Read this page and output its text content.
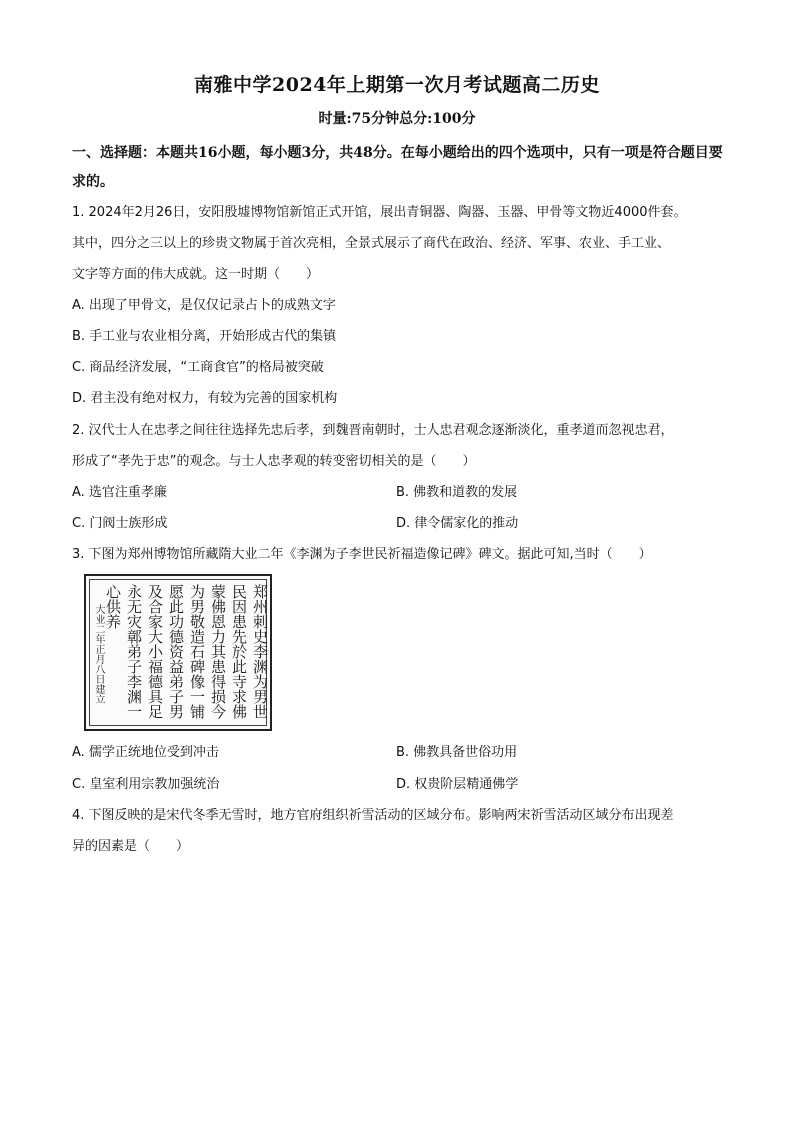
南雅中学2024年上期第一次月考试题高二历史
时量:75分钟总分:100分
一、选择题：本题共16小题，每小题3分，共48分。在每小题给出的四个选项中，只有一项是符合题目要求的。
1. 2024年2月26日，安阳殷墟博物馆新馆正式开馆，展出青铜器、陶器、玉器、甲骨等文物近4000件套。
其中，四分之三以上的珍贵文物属于首次亮相，全景式展示了商代在政治、经济、军事、农业、手工业、
文字等方面的伟大成就。这一时期（　　）
A. 出现了甲骨文，是仅仅记录占卜的成熟文字
B. 手工业与农业相分离，开始形成古代的集镇
C. 商品经济发展，“工商食官”的格局被突破
D. 君主没有绝对权力，有较为完善的国家机构
2. 汉代士人在忠孝之间往往选择先忠后孝，到魏晋南朝时，士人忠君观念逐渐淡化，重孝道而忽视忠君，
形成了“孝先于忠”的观念。与士人忠孝观的转变密切相关的是（　　）
A. 选官注重孝廉	B. 佛教和道教的发展
C. 门阀士族形成	D. 律令儒家化的推动
3. 下图为郑州博物馆所藏隋大业二年《李渊为子李世民祈福造像记碑》碑文。据此可知,当时（　　）
郑州刺史李渊为男世
民因患先於此寺求佛
蒙佛恩力其患得损今
为男敬造石碑像一铺
愿此功德资益弟子男
及合家大小福德具足
永无灾鄣弟子李渊一
心供养
大业二年正月八日建立
A. 儒学正统地位受到冲击	B. 佛教具备世俗功用
C. 皇室利用宗教加强统治	D. 权贵阶层精通佛学
4. 下图反映的是宋代冬季无雪时，地方官府组织祈雪活动的区域分布。影响两宋祈雪活动区域分布出现差
异的因素是（　　）
